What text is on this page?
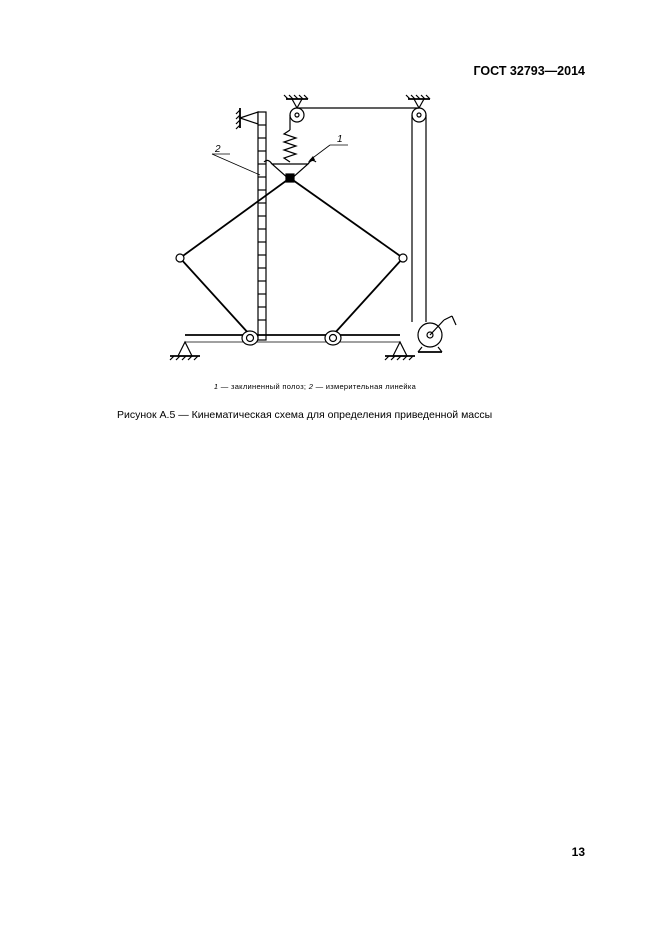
ГОСТ 32793—2014
2
1
1 — заклиненный полоз; 2 — измерительная линейка
Рисунок А.5 — Кинематическая схема для определения приведенной массы
13
